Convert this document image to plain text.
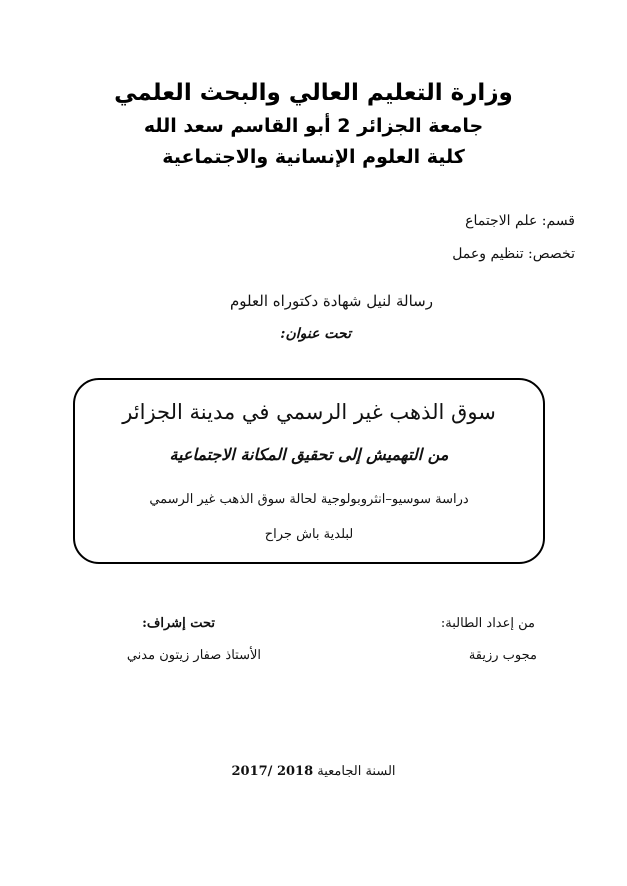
وزارة التعليم العالي والبحث العلمي
جامعة الجزائر 2 أبو القاسم سعد الله
كلية العلوم الإنسانية والاجتماعية
قسم: علم الاجتماع
تخصص: تنظيم وعمل
رسالة لنيل شهادة دكتوراه العلوم
تحت عنوان:
سوق الذهب غير الرسمي في مدينة الجزائر
من التهميش إلى تحقيق المكانة الاجتماعية
دراسة سوسيو–انثروبولوجية لحالة سوق الذهب غير الرسمي
لبلدية باش جراح
من إعداد الطالبة:
مجوب رزيقة
تحت إشراف:
الأستاذ صفار زيتون مدني
السنة الجامعية 2017/ 2018
